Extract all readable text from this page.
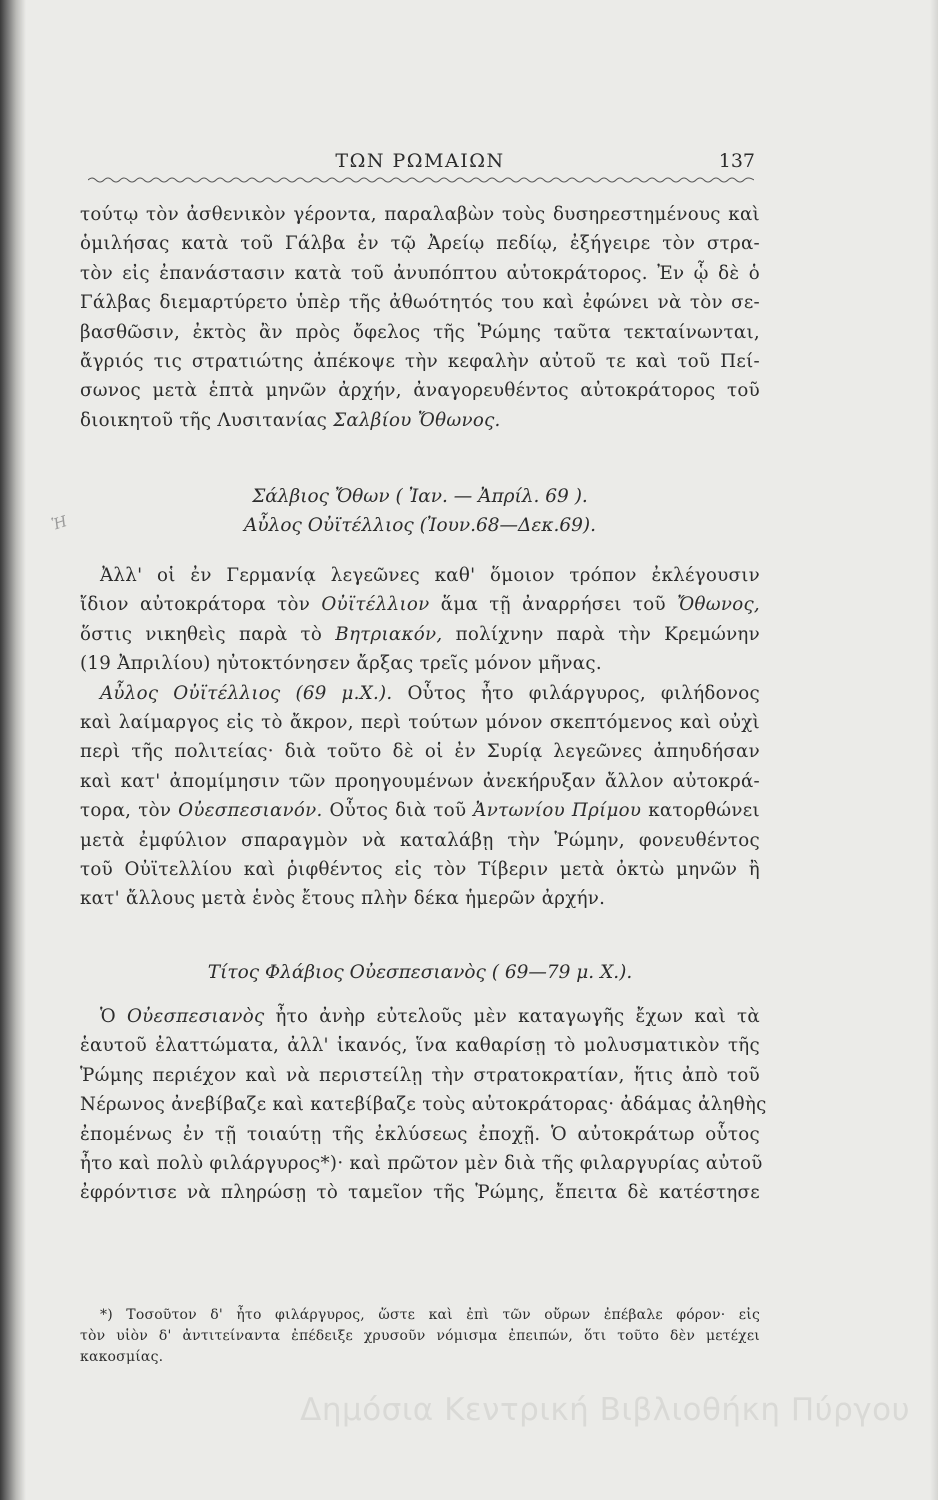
ΤΩΝ ΡΩΜΑΙΩΝ	137
τούτῳ τὸν ἀσθενικὸν γέροντα, παραλαβὼν τοὺς δυσηρεστημένους καὶ
ὁμιλήσας κατὰ τοῦ Γάλβα ἐν τῷ Ἀρείῳ πεδίῳ, ἐξήγειρε τὸν στρα-
τὸν εἰς ἐπανάστασιν κατὰ τοῦ ἀνυπόπτου αὐτοκράτορος. Ἐν ᾧ δὲ ὁ
Γάλβας διεμαρτύρετο ὑπὲρ τῆς ἀθωότητός του καὶ ἐφώνει νὰ τὸν σε-
βασθῶσιν, ἐκτὸς ἂν πρὸς ὄφελος τῆς Ῥώμης ταῦτα τεκταίνωνται,
ἄγριός τις στρατιώτης ἀπέκοψε τὴν κεφαλὴν αὐτοῦ τε καὶ τοῦ Πεί-
σωνος μετὰ ἑπτὰ μηνῶν ἀρχήν, ἀναγορευθέντος αὐτοκράτορος τοῦ
διοικητοῦ τῆς Λυσιτανίας Σαλβίου Ὄθωνος.
Σάλβιος Ὄθων ( Ἰαν. — Ἀπρίλ. 69 ).
Αὖλος Οὐϊτέλλιος (Ἰουν.68—Δεκ.69).
Ἡ
Ἀλλ' οἱ ἐν Γερμανίᾳ λεγεῶνες καθ' ὅμοιον τρόπον ἐκλέγουσιν
ἴδιον αὐτοκράτορα τὸν Οὐϊτέλλιον ἅμα τῇ ἀναρρήσει τοῦ Ὄθωνος,
ὅστις νικηθεὶς παρὰ τὸ Βητριακόν, πολίχνην παρὰ τὴν Κρεμώνην
(19 Ἀπριλίου) ηὐτοκτόνησεν ἄρξας τρεῖς μόνον μῆνας.
Αὖλος Οὐϊτέλλιος (69 μ.Χ.). Οὗτος ἦτο φιλάργυρος, φιλήδονος
καὶ λαίμαργος εἰς τὸ ἄκρον, περὶ τούτων μόνον σκεπτόμενος καὶ οὐχὶ
περὶ τῆς πολιτείας· διὰ τοῦτο δὲ οἱ ἐν Συρίᾳ λεγεῶνες ἀπηυδήσαν
καὶ κατ' ἀπομίμησιν τῶν προηγουμένων ἀνεκήρυξαν ἄλλον αὐτοκρά-
τορα, τὸν Οὐεσπεσιανόν. Οὗτος διὰ τοῦ Ἀντωνίου Πρίμου κατορθώνει
μετὰ ἐμφύλιον σπαραγμὸν νὰ καταλάβῃ τὴν Ῥώμην, φονευθέντος
τοῦ Οὐϊτελλίου καὶ ῥιφθέντος εἰς τὸν Τίβεριν μετὰ ὀκτὼ μηνῶν ἢ
κατ' ἄλλους μετὰ ἑνὸς ἔτους πλὴν δέκα ἡμερῶν ἀρχήν.
Τίτος Φλάβιος Οὐεσπεσιανὸς ( 69—79 μ. Χ.).
Ὁ Οὐεσπεσιανὸς ἦτο ἀνὴρ εὐτελοῦς μὲν καταγωγῆς ἔχων καὶ τὰ
ἑαυτοῦ ἐλαττώματα, ἀλλ' ἱκανός, ἵνα καθαρίσῃ τὸ μολυσματικὸν τῆς
Ῥώμης περιέχον καὶ νὰ περιστείλῃ τὴν στρατοκρατίαν, ἥτις ἀπὸ τοῦ
Νέρωνος ἀνεβίβαζε καὶ κατεβίβαζε τοὺς αὐτοκράτορας· ἀδάμας ἀληθὴς
ἐπομένως ἐν τῇ τοιαύτῃ τῆς ἐκλύσεως ἐποχῇ. Ὁ αὐτοκράτωρ οὗτος
ἦτο καὶ πολὺ φιλάργυρος*)· καὶ πρῶτον μὲν διὰ τῆς φιλαργυρίας αὐτοῦ
ἐφρόντισε νὰ πληρώσῃ τὸ ταμεῖον τῆς Ῥώμης, ἔπειτα δὲ κατέστησε
*) Τοσοῦτον δ' ἦτο φιλάργυρος, ὥστε καὶ ἐπὶ τῶν οὔρων ἐπέβαλε φόρον· εἰς
τὸν υἱὸν δ' ἀντιτείναντα ἐπέδειξε χρυσοῦν νόμισμα ἐπειπών, ὅτι τοῦτο δὲν μετέχει
κακοσμίας.
Δημόσια Κεντρική Βιβλιοθήκη Πύργου
